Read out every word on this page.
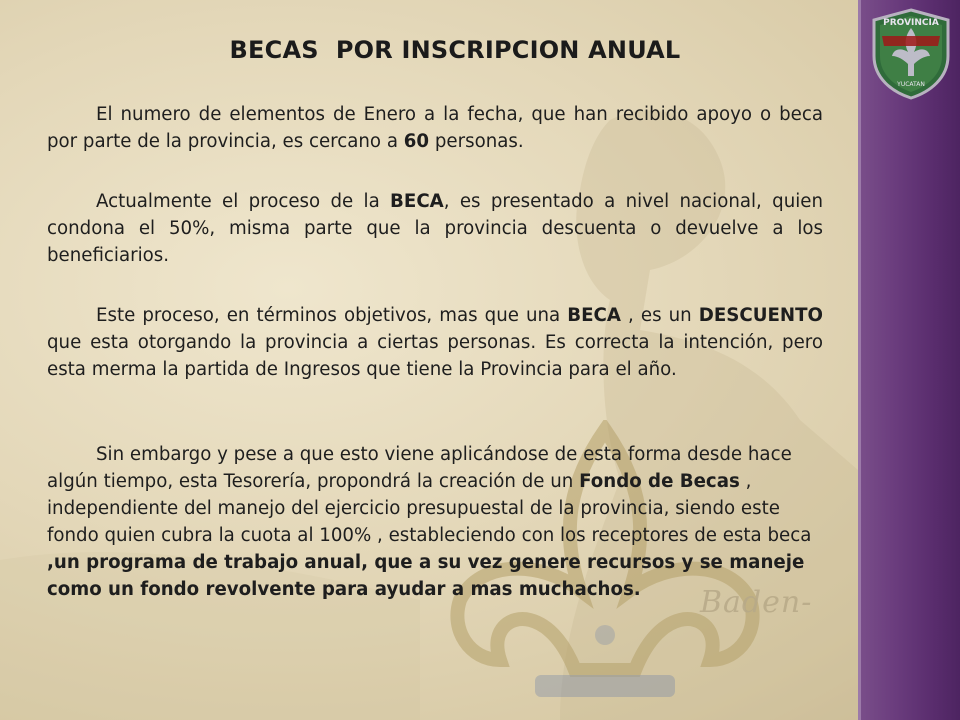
PROVINCIA
YUCATAN
Baden-
BECAS  POR INSCRIPCION ANUAL

El numero de elementos de Enero a la fecha, que han recibido apoyo o beca por parte de la provincia, es cercano a 60 personas.

Actualmente el proceso de la BECA, es presentado a nivel nacional, quien condona el 50%, misma parte que la provincia descuenta o devuelve a los beneficiarios.

Este proceso, en términos objetivos, mas que una BECA , es un DESCUENTO que esta otorgando la provincia a ciertas personas. Es correcta la intención, pero esta merma la partida de Ingresos que tiene la Provincia para el año.

Sin embargo y pese a que esto viene aplicándose de esta forma desde hace algún tiempo, esta Tesorería, propondrá la creación de un Fondo de Becas , independiente del manejo del ejercicio presupuestal de la provincia, siendo este fondo quien cubra la cuota al 100% , estableciendo con los receptores de esta beca ,un programa de trabajo anual, que a su vez genere recursos y se maneje como un fondo revolvente para ayudar a mas muchachos.
